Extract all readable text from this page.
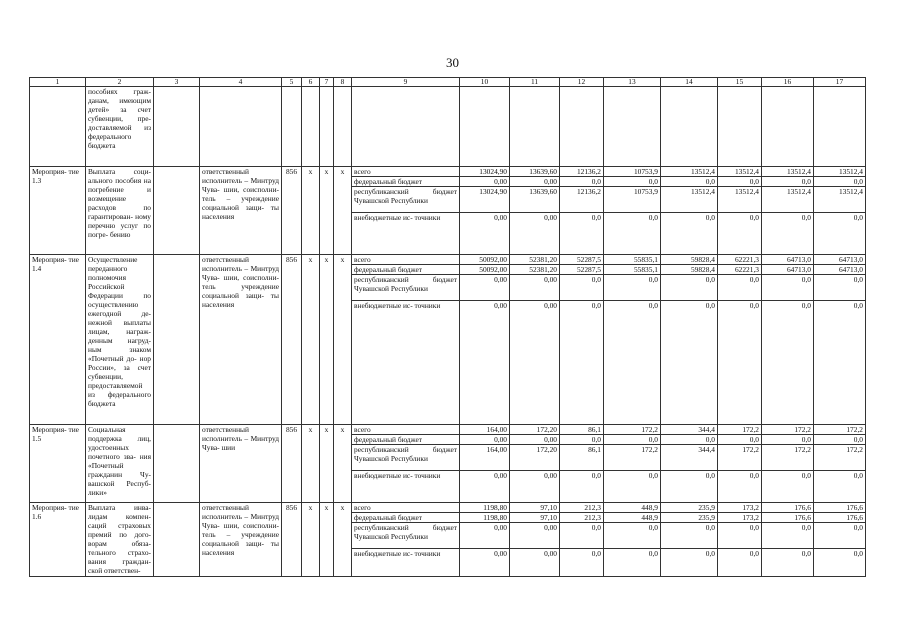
30
1	2	3	4	5	6	7	8	9	10	11	12	13	14	15	16	17
	пособиях граж- данам, имеющим детей» за счет субвенции, пре- доставляемой из федерального бюджета															
Мероприя- тие 1.3	Выплата соци- ального пособия на погребение и возмещение расходов по гарантирован- ному перечню услуг по погре- бению		ответственный исполнитель – Минтруд Чува- шии, соисполни- тель – учреждение социальной защи- ты населения	856	x	x	x	всего	13024,90	13639,60	12136,2	10753,9	13512,4	13512,4	13512,4	13512,4
								федеральный бюджет	0,00	0,00	0,0	0,0	0,0	0,0	0,0	0,0
								республиканский бюджет Чувашской Республики	13024,90	13639,60	12136,2	10753,9	13512,4	13512,4	13512,4	13512,4
								внебюджетные ис- точники	0,00	0,00	0,0	0,0	0,0	0,0	0,0	0,0
Мероприя- тие 1.4	Осуществление переданного полномочия Российской Федерации по осуществлению ежегодной де- нежной выплаты лицам, награж- денным нагруд- ным знаком «Почетный до- нор России», за счет субвенции, предоставляемой из федерального бюджета		ответственный исполнитель – Минтруд Чува- шии, соисполни- тель учреждение социальной защи- ты населения	856	x	x	x	всего	50092,00	52381,20	52287,5	55835,1	59828,4	62221,3	64713,0	64713,0
								федеральный бюджет	50092,00	52381,20	52287,5	55835,1	59828,4	62221,3	64713,0	64713,0
								республиканский бюджет Чувашской Республики	0,00	0,00	0,0	0,0	0,0	0,0	0,0	0,0
								внебюджетные ис- точники	0,00	0,00	0,0	0,0	0,0	0,0	0,0	0,0
Мероприя- тие 1.5	Социальная поддержка лиц, удостоенных почетного зва- ния «Почетный гражданин Чу- вашской Респуб- лики»		ответственный исполнитель – Минтруд Чува- шии	856	x	x	x	всего	164,00	172,20	86,1	172,2	344,4	172,2	172,2	172,2
								федеральный бюджет	0,00	0,00	0,0	0,0	0,0	0,0	0,0	0,0
								республиканский бюджет Чувашской Республики	164,00	172,20	86,1	172,2	344,4	172,2	172,2	172,2
								внебюджетные ис- точники	0,00	0,00	0,0	0,0	0,0	0,0	0,0	0,0
Мероприя- тие 1.6	Выплата инва- лидам компен- саций страховых премий по дого- ворам обяза- тельного страхо- вания граждан- ской ответствен-		ответственный исполнитель – Минтруд Чува- шии, соисполни- тель – учреждение социальной защи- ты населения	856	x	x	x	всего	1198,80	97,10	212,3	448,9	235,9	173,2	176,6	176,6
								федеральный бюджет	1198,80	97,10	212,3	448,9	235,9	173,2	176,6	176,6
								республиканский бюджет Чувашской Республики	0,00	0,00	0,0	0,0	0,0	0,0	0,0	0,0
								внебюджетные ис- точники	0,00	0,00	0,0	0,0	0,0	0,0	0,0	0,0
